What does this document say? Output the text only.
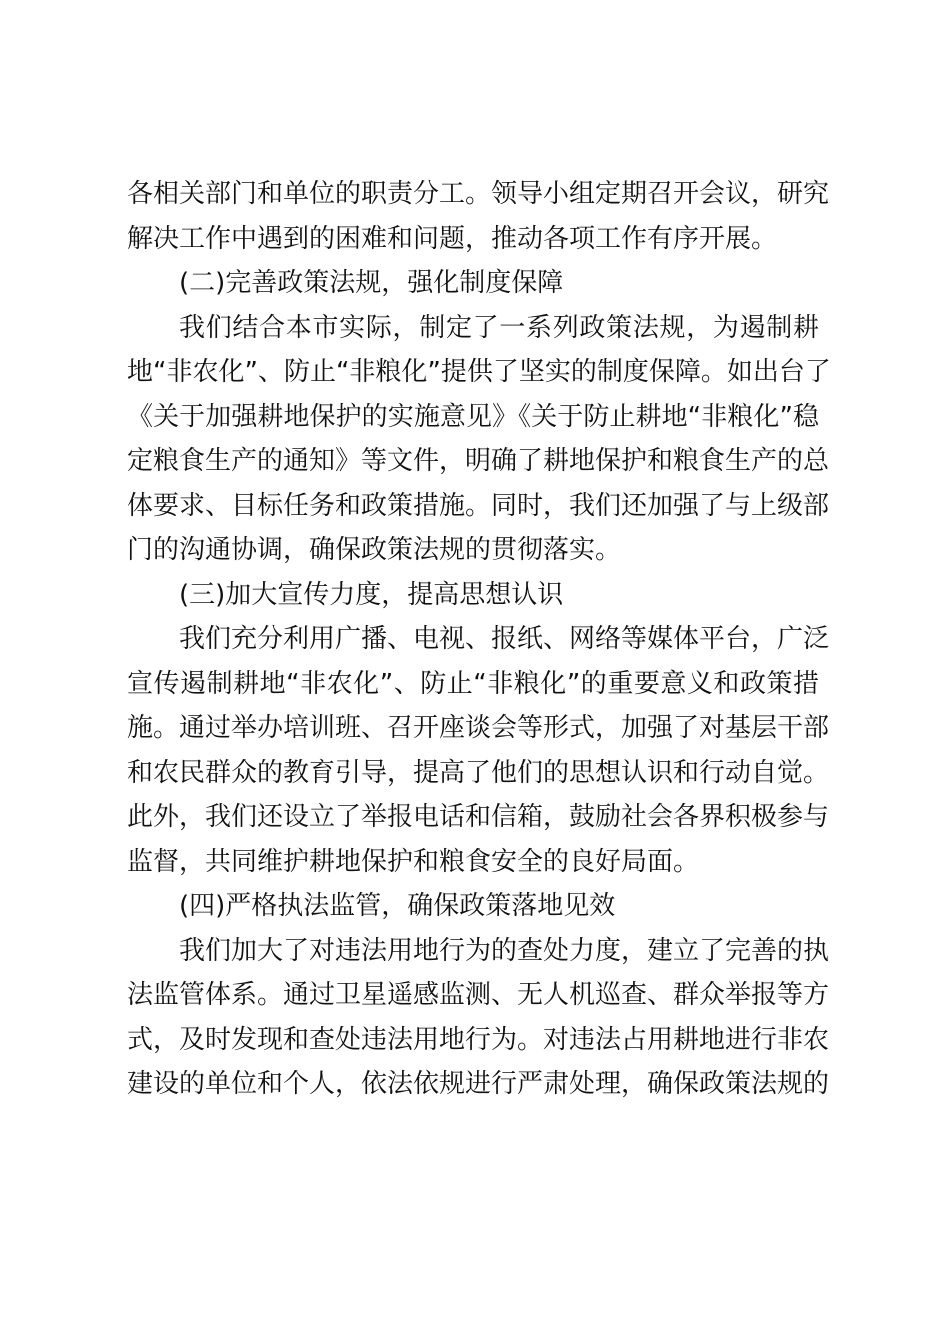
各相关部门和单位的职责分工。领导小组定期召开会议，研究
解决工作中遇到的困难和问题，推动各项工作有序开展。
(二)完善政策法规，强化制度保障
我们结合本市实际，制定了一系列政策法规，为遏制耕
地“非农化”、防止“非粮化”提供了坚实的制度保障。如出台了
《关于加强耕地保护的实施意见》《关于防止耕地“非粮化”稳
定粮食生产的通知》等文件，明确了耕地保护和粮食生产的总
体要求、目标任务和政策措施。同时，我们还加强了与上级部
门的沟通协调，确保政策法规的贯彻落实。
(三)加大宣传力度，提高思想认识
我们充分利用广播、电视、报纸、网络等媒体平台，广泛
宣传遏制耕地“非农化”、防止“非粮化”的重要意义和政策措
施。通过举办培训班、召开座谈会等形式，加强了对基层干部
和农民群众的教育引导，提高了他们的思想认识和行动自觉。
此外，我们还设立了举报电话和信箱，鼓励社会各界积极参与
监督，共同维护耕地保护和粮食安全的良好局面。
(四)严格执法监管，确保政策落地见效
我们加大了对违法用地行为的查处力度，建立了完善的执
法监管体系。通过卫星遥感监测、无人机巡查、群众举报等方
式，及时发现和查处违法用地行为。对违法占用耕地进行非农
建设的单位和个人，依法依规进行严肃处理，确保政策法规的
